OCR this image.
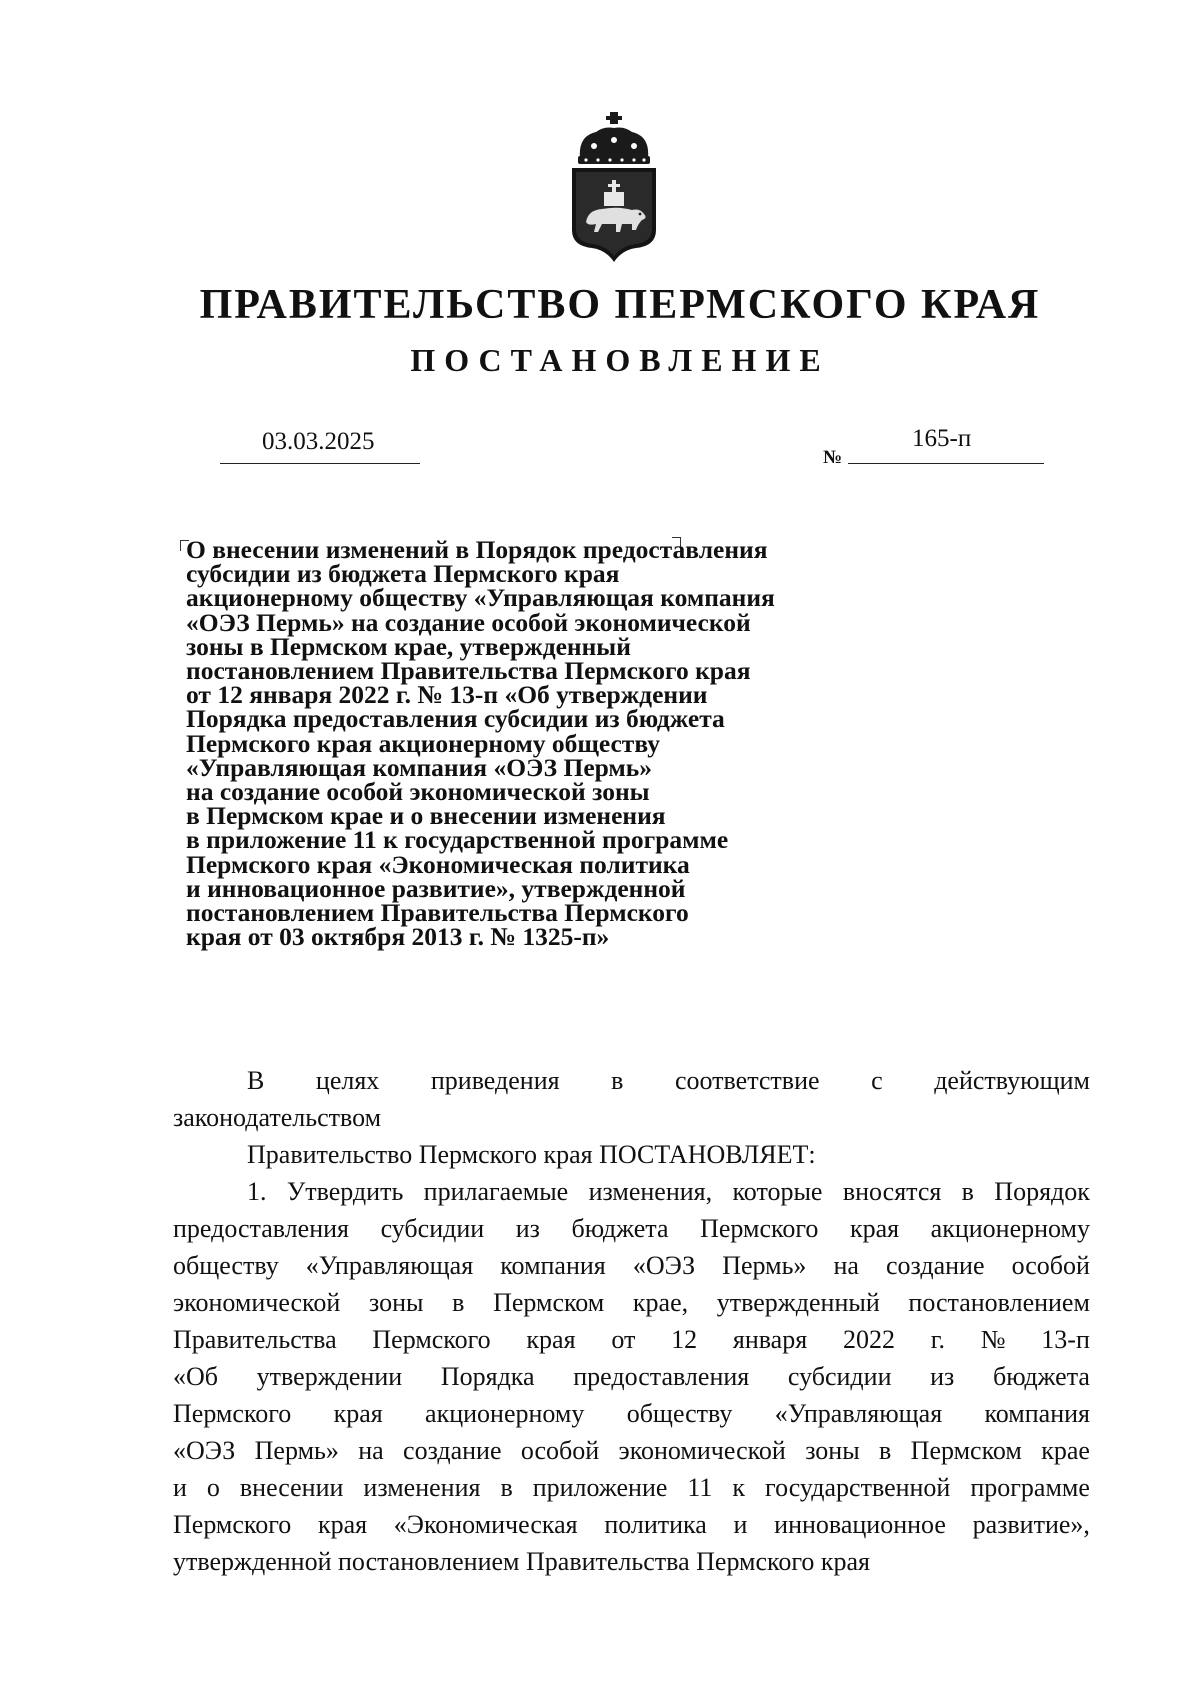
ПРАВИТЕЛЬСТВО ПЕРМСКОГО КРАЯ
ПОСТАНОВЛЕНИЕ
03.03.2025
№
165-п
О внесении изменений в Порядок предоставления
субсидии из бюджета Пермского края
акционерному обществу «Управляющая компания
«ОЭЗ Пермь» на создание особой экономической
зоны в Пермском крае, утвержденный
постановлением Правительства Пермского края
от 12 января 2022 г. № 13-п «Об утверждении
Порядка предоставления субсидии из бюджета
Пермского края акционерному обществу
«Управляющая компания «ОЭЗ Пермь»
на создание особой экономической зоны
в Пермском крае и о внесении изменения
в приложение 11 к государственной программе
Пермского края «Экономическая политика
и инновационное развитие», утвержденной
постановлением Правительства Пермского
края от 03 октября 2013 г. № 1325-п»
В целях приведения в соответствие с действующим
законодательством
Правительство Пермского края ПОСТАНОВЛЯЕТ:
1. Утвердить прилагаемые изменения, которые вносятся в Порядок
предоставления субсидии из бюджета Пермского края акционерному
обществу «Управляющая компания «ОЭЗ Пермь» на создание особой
экономической зоны в Пермском крае, утвержденный постановлением
Правительства Пермского края от 12 января 2022 г. № 13-п
«Об утверждении Порядка предоставления субсидии из бюджета
Пермского края акционерному обществу «Управляющая компания
«ОЭЗ Пермь» на создание особой экономической зоны в Пермском крае
и о внесении изменения в приложение 11 к государственной программе
Пермского края «Экономическая политика и инновационное развитие»,
утвержденной постановлением Правительства Пермского края
